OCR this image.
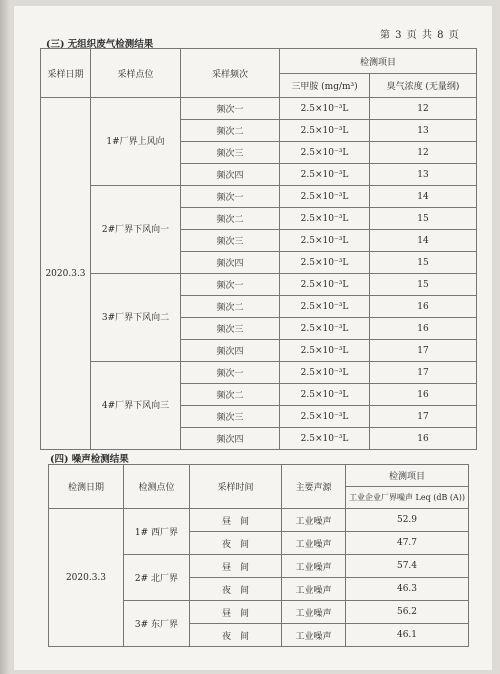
第 3 页 共 8 页
(三) 无组织废气检测结果
采样日期	采样点位	采样频次	检测项目	
			三甲胺 (mg/m³)	臭气浓度 (无量纲)
2020.3.3	1#厂界上风向	频次一	2.5×10⁻³L	12
		频次二	2.5×10⁻³L	13
		频次三	2.5×10⁻³L	12
		频次四	2.5×10⁻³L	13
	2#厂界下风向一	频次一	2.5×10⁻³L	14
		频次二	2.5×10⁻³L	15
		频次三	2.5×10⁻³L	14
		频次四	2.5×10⁻³L	15
	3#厂界下风向二	频次一	2.5×10⁻³L	15
		频次二	2.5×10⁻³L	16
		频次三	2.5×10⁻³L	16
		频次四	2.5×10⁻³L	17
	4#厂界下风向三	频次一	2.5×10⁻³L	17
		频次二	2.5×10⁻³L	16
		频次三	2.5×10⁻³L	17
		频次四	2.5×10⁻³L	16
(四) 噪声检测结果
检测日期	检测点位	采样时间	主要声源	检测项目
				工业企业厂界噪声 Leq (dB (A))
2020.3.3	1# 西厂界	昼　间	工业噪声	52.9
		夜　间	工业噪声	47.7
	2# 北厂界	昼　间	工业噪声	57.4
		夜　间	工业噪声	46.3
	3# 东厂界	昼　间	工业噪声	56.2
		夜　间	工业噪声	46.1
